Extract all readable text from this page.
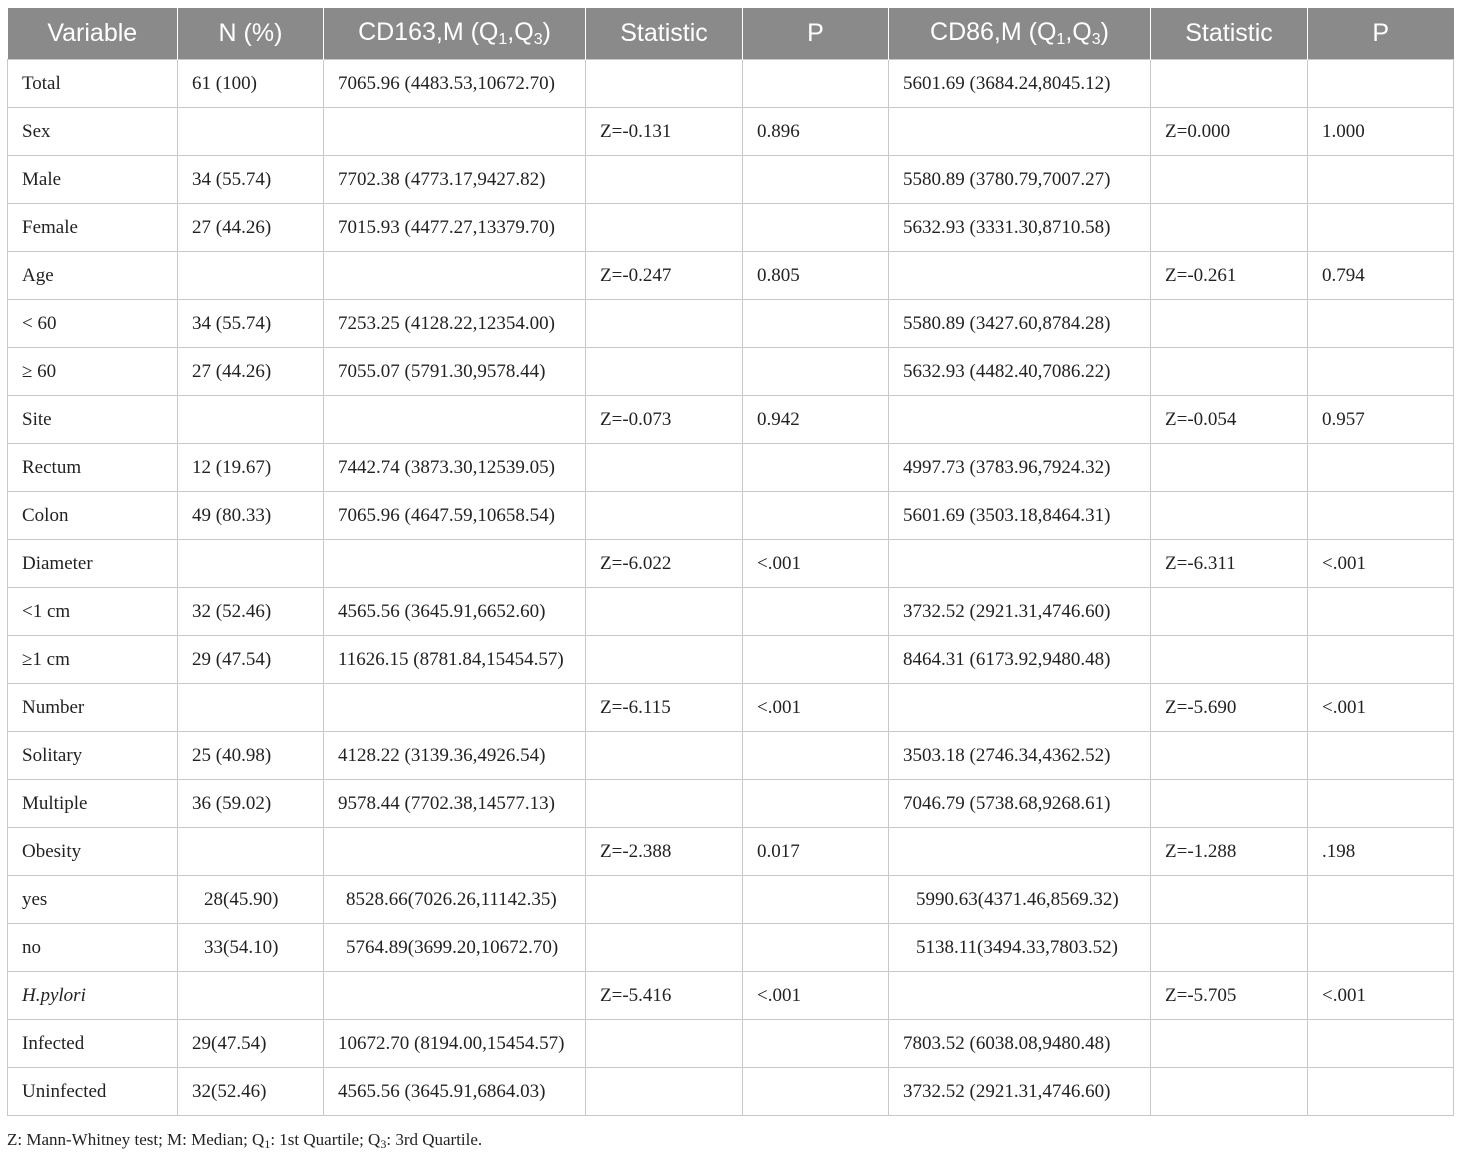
Variable	N (%)	CD163,M $(Q_1,Q_3)$	Statistic	P	CD86,M $(Q_1,Q_3)$	Statistic	P
Total	61 (100)	7065.96 (4483.53,10672.70)			5601.69 (3684.24,8045.12)		
Sex			Z=-0.131	0.896		Z=0.000	1.000
Male	34 (55.74)	7702.38 (4773.17,9427.82)			5580.89 (3780.79,7007.27)		
Female	27 (44.26)	7015.93 (4477.27,13379.70)			5632.93 (3331.30,8710.58)		
Age			Z=-0.247	0.805		Z=-0.261	0.794
< 60	34 (55.74)	7253.25 (4128.22,12354.00)			5580.89 (3427.60,8784.28)		
≥ 60	27 (44.26)	7055.07 (5791.30,9578.44)			5632.93 (4482.40,7086.22)		
Site			Z=-0.073	0.942		Z=-0.054	0.957
Rectum	12 (19.67)	7442.74 (3873.30,12539.05)			4997.73 (3783.96,7924.32)		
Colon	49 (80.33)	7065.96 (4647.59,10658.54)			5601.69 (3503.18,8464.31)		
Diameter			Z=-6.022	<.001		Z=-6.311	<.001
<1 cm	32 (52.46)	4565.56 (3645.91,6652.60)			3732.52 (2921.31,4746.60)		
≥1 cm	29 (47.54)	11626.15 (8781.84,15454.57)			8464.31 (6173.92,9480.48)		
Number			Z=-6.115	<.001		Z=-5.690	<.001
Solitary	25 (40.98)	4128.22 (3139.36,4926.54)			3503.18 (2746.34,4362.52)		
Multiple	36 (59.02)	9578.44 (7702.38,14577.13)			7046.79 (5738.68,9268.61)		
Obesity			Z=-2.388	0.017		Z=-1.288	.198
yes	28(45.90)	8528.66(7026.26,11142.35)			5990.63(4371.46,8569.32)		
no	33(54.10)	5764.89(3699.20,10672.70)			5138.11(3494.33,7803.52)		
H.pylori			Z=-5.416	<.001		Z=-5.705	<.001
Infected	29(47.54)	10672.70 (8194.00,15454.57)			7803.52 (6038.08,9480.48)		
Uninfected	32(52.46)	4565.56 (3645.91,6864.03)			3732.52 (2921.31,4746.60)		
Z: Mann-Whitney test; M: Median; Q1: 1st Quartile; Q3: 3rd Quartile.
